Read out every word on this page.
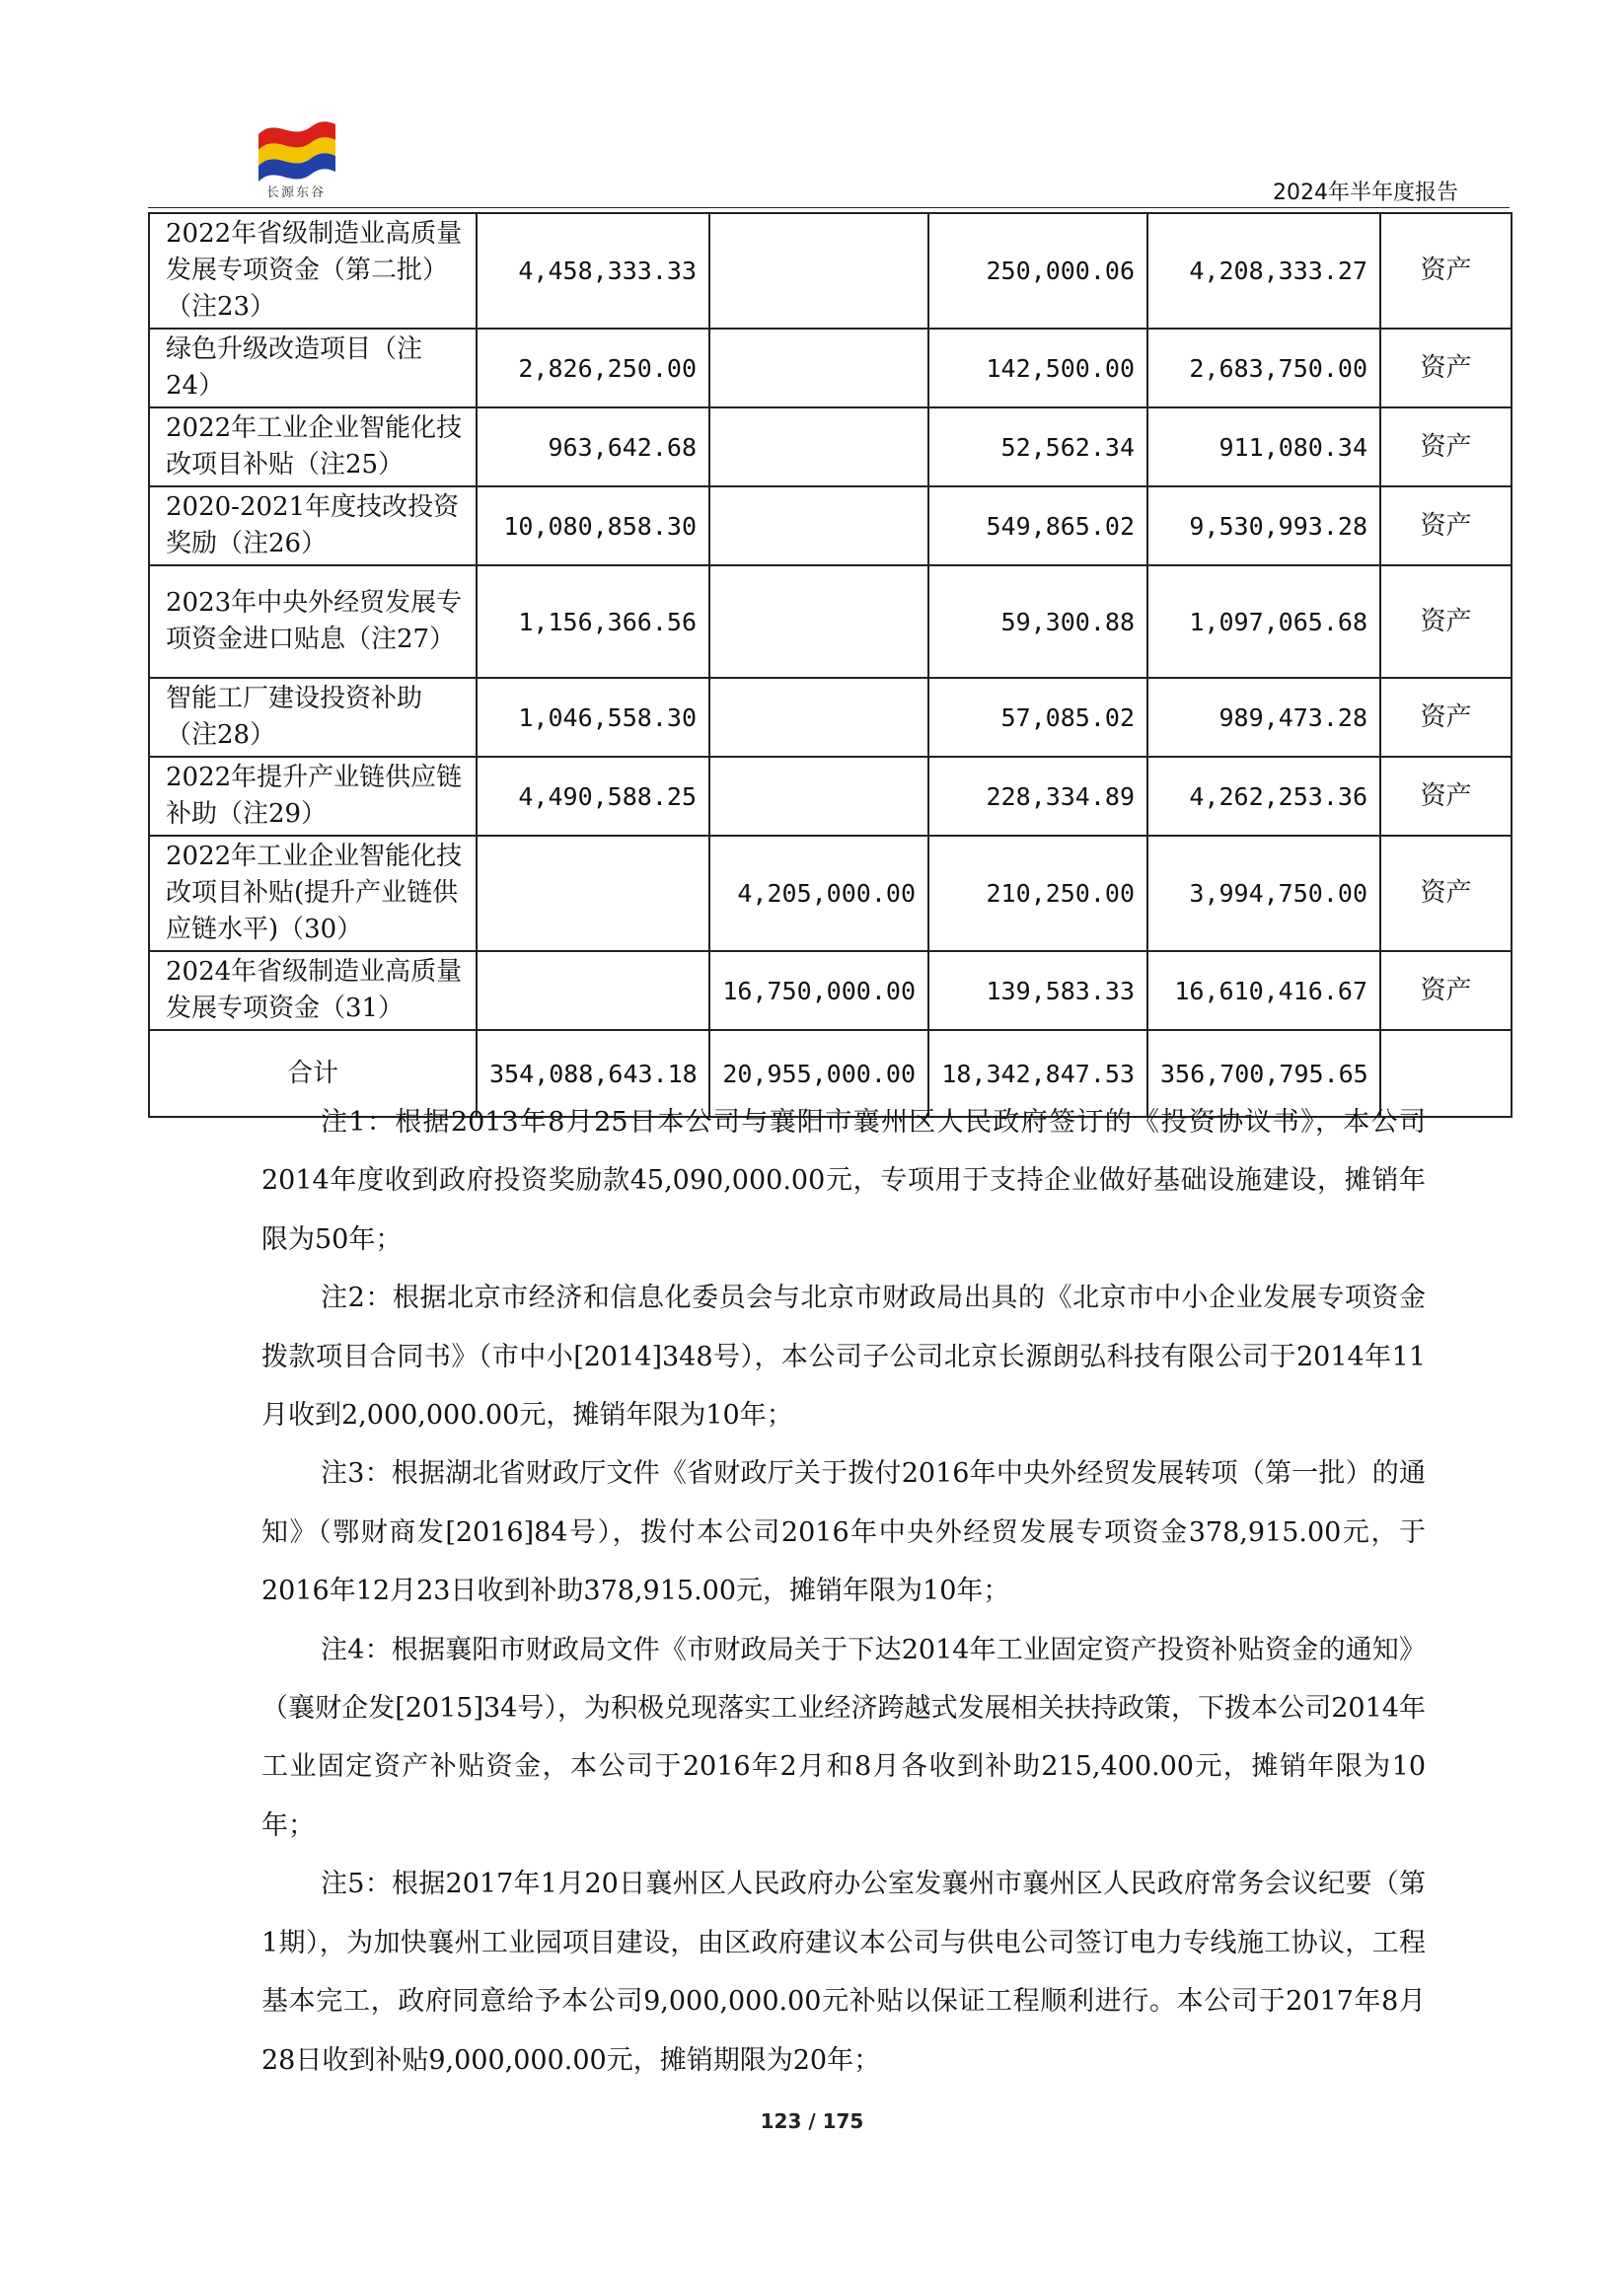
长源东谷	2024年半年度报告
2022年省级制造业高质量发展专项资金（第二批）（注23）	4,458,333.33		250,000.06	4,208,333.27	资产
绿色升级改造项目（注24）	2,826,250.00		142,500.00	2,683,750.00	资产
2022年工业企业智能化技改项目补贴（注25）	963,642.68		52,562.34	911,080.34	资产
2020-2021年度技改投资奖励（注26）	10,080,858.30		549,865.02	9,530,993.28	资产
2023年中央外经贸发展专项资金进口贴息（注27）	1,156,366.56		59,300.88	1,097,065.68	资产
智能工厂建设投资补助（注28）	1,046,558.30		57,085.02	989,473.28	资产
2022年提升产业链供应链补助（注29）	4,490,588.25		228,334.89	4,262,253.36	资产
2022年工业企业智能化技改项目补贴(提升产业链供应链水平)（30）		4,205,000.00	210,250.00	3,994,750.00	资产
2024年省级制造业高质量发展专项资金（31）		16,750,000.00	139,583.33	16,610,416.67	资产
合计	354,088,643.18	20,955,000.00	18,342,847.53	356,700,795.65	

注1：根据2013年8月25日本公司与襄阳市襄州区人民政府签订的《投资协议书》，本公司2014年度收到政府投资奖励款45,090,000.00元，专项用于支持企业做好基础设施建设，摊销年限为50年；

注2：根据北京市经济和信息化委员会与北京市财政局出具的《北京市中小企业发展专项资金拨款项目合同书》（市中小[2014]348号），本公司子公司北京长源朗弘科技有限公司于2014年11月收到2,000,000.00元，摊销年限为10年；

注3：根据湖北省财政厅文件《省财政厅关于拨付2016年中央外经贸发展转项（第一批）的通知》（鄂财商发[2016]84号），拨付本公司2016年中央外经贸发展专项资金378,915.00元，于2016年12月23日收到补助378,915.00元，摊销年限为10年；

注4：根据襄阳市财政局文件《市财政局关于下达2014年工业固定资产投资补贴资金的通知》（襄财企发[2015]34号），为积极兑现落实工业经济跨越式发展相关扶持政策，下拨本公司2014年工业固定资产补贴资金，本公司于2016年2月和8月各收到补助215,400.00元，摊销年限为10年；

注5：根据2017年1月20日襄州区人民政府办公室发襄州市襄州区人民政府常务会议纪要（第1期），为加快襄州工业园项目建设，由区政府建议本公司与供电公司签订电力专线施工协议，工程基本完工，政府同意给予本公司9,000,000.00元补贴以保证工程顺利进行。本公司于2017年8月28日收到补贴9,000,000.00元，摊销期限为20年；

123 / 175
